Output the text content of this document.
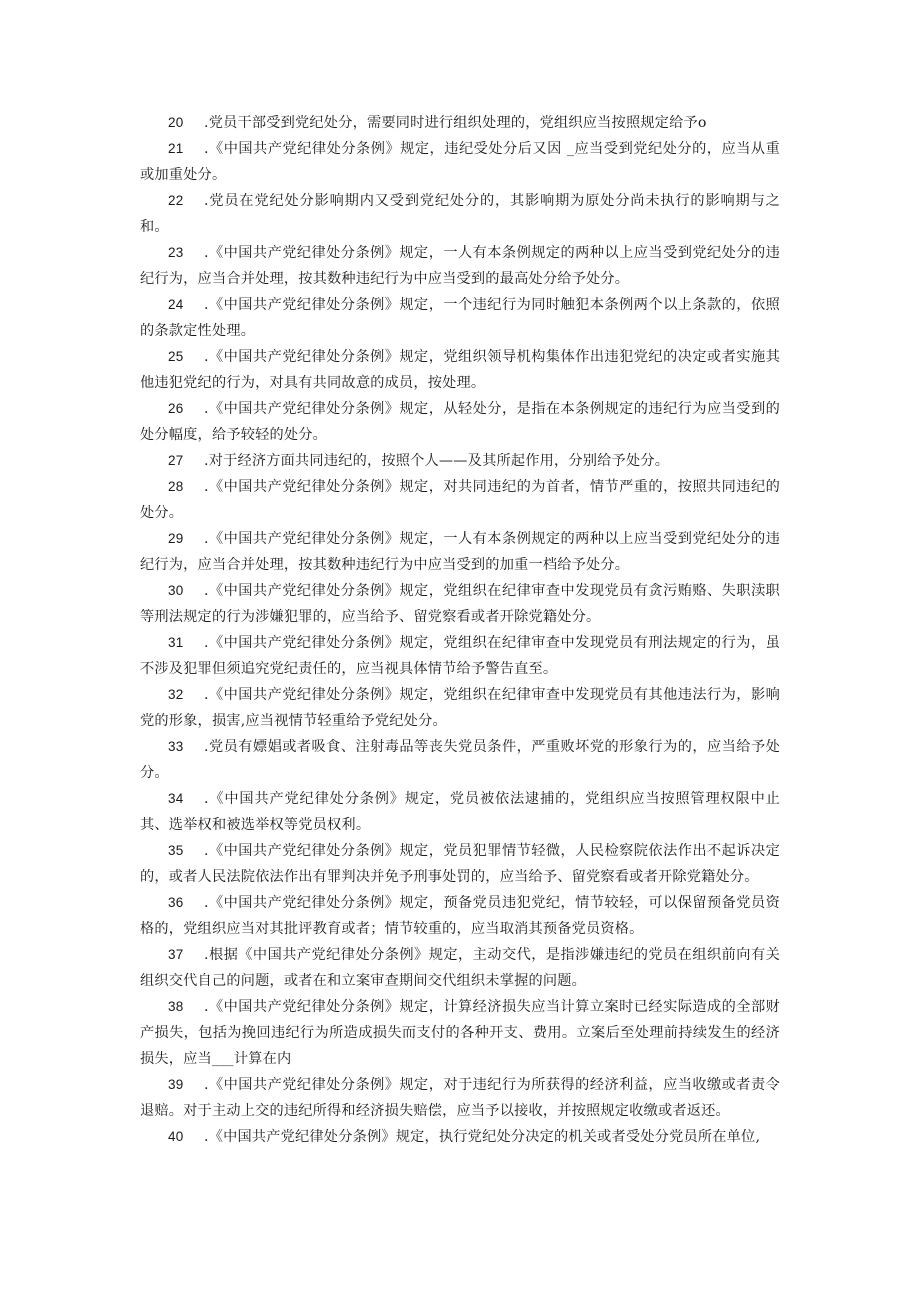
20 .党员干部受到党纪处分，需要同时进行组织处理的，党组织应当按照规定给予o

21 .《中国共产党纪律处分条例》规定，违纪受处分后又因 _应当受到党纪处分的，应当从重或加重处分。

22 .党员在党纪处分影响期内又受到党纪处分的，其影响期为原处分尚未执行的影响期与之和。

23 .《中国共产党纪律处分条例》规定，一人有本条例规定的两种以上应当受到党纪处分的违纪行为，应当合并处理，按其数种违纪行为中应当受到的最高处分给予处分。

24 .《中国共产党纪律处分条例》规定，一个违纪行为同时触犯本条例两个以上条款的，依照的条款定性处理。

25 .《中国共产党纪律处分条例》规定，党组织领导机构集体作出违犯党纪的决定或者实施其他违犯党纪的行为，对具有共同故意的成员，按处理。

26 .《中国共产党纪律处分条例》规定，从轻处分，是指在本条例规定的违纪行为应当受到的处分幅度，给予较轻的处分。

27 .对于经济方面共同违纪的，按照个人——及其所起作用，分别给予处分。

28 .《中国共产党纪律处分条例》规定，对共同违纪的为首者，情节严重的，按照共同违纪的处分。

29 .《中国共产党纪律处分条例》规定，一人有本条例规定的两种以上应当受到党纪处分的违纪行为，应当合并处理，按其数种违纪行为中应当受到的加重一档给予处分。

30 .《中国共产党纪律处分条例》规定，党组织在纪律审查中发现党员有贪污贿赂、失职渎职等刑法规定的行为涉嫌犯罪的，应当给予、留党察看或者开除党籍处分。

31 .《中国共产党纪律处分条例》规定，党组织在纪律审查中发现党员有刑法规定的行为，虽不涉及犯罪但须追究党纪责任的，应当视具体情节给予警告直至。

32 .《中国共产党纪律处分条例》规定，党组织在纪律审查中发现党员有其他违法行为，影响党的形象，损害,应当视情节轻重给予党纪处分。

33 .党员有嫖娼或者吸食、注射毒品等丧失党员条件，严重败坏党的形象行为的，应当给予处分。

34 .《中国共产党纪律处分条例》规定，党员被依法逮捕的，党组织应当按照管理权限中止其、选举权和被选举权等党员权利。

35 .《中国共产党纪律处分条例》规定，党员犯罪情节轻微，人民检察院依法作出不起诉决定的，或者人民法院依法作出有罪判决并免予刑事处罚的，应当给予、留党察看或者开除党籍处分。

36 .《中国共产党纪律处分条例》规定，预备党员违犯党纪，情节较轻，可以保留预备党员资格的，党组织应当对其批评教育或者；情节较重的，应当取消其预备党员资格。

37 .根据《中国共产党纪律处分条例》规定，主动交代，是指涉嫌违纪的党员在组织前向有关组织交代自己的问题，或者在和立案审查期间交代组织未掌握的问题。

38 .《中国共产党纪律处分条例》规定，计算经济损失应当计算立案时已经实际造成的全部财产损失，包括为挽回违纪行为所造成损失而支付的各种开支、费用。立案后至处理前持续发生的经济损失，应当___计算在内

39 .《中国共产党纪律处分条例》规定，对于违纪行为所获得的经济利益，应当收缴或者责令退赔。对于主动上交的违纪所得和经济损失赔偿，应当予以接收，并按照规定收缴或者返还。

40 .《中国共产党纪律处分条例》规定，执行党纪处分决定的机关或者受处分党员所在单位,
